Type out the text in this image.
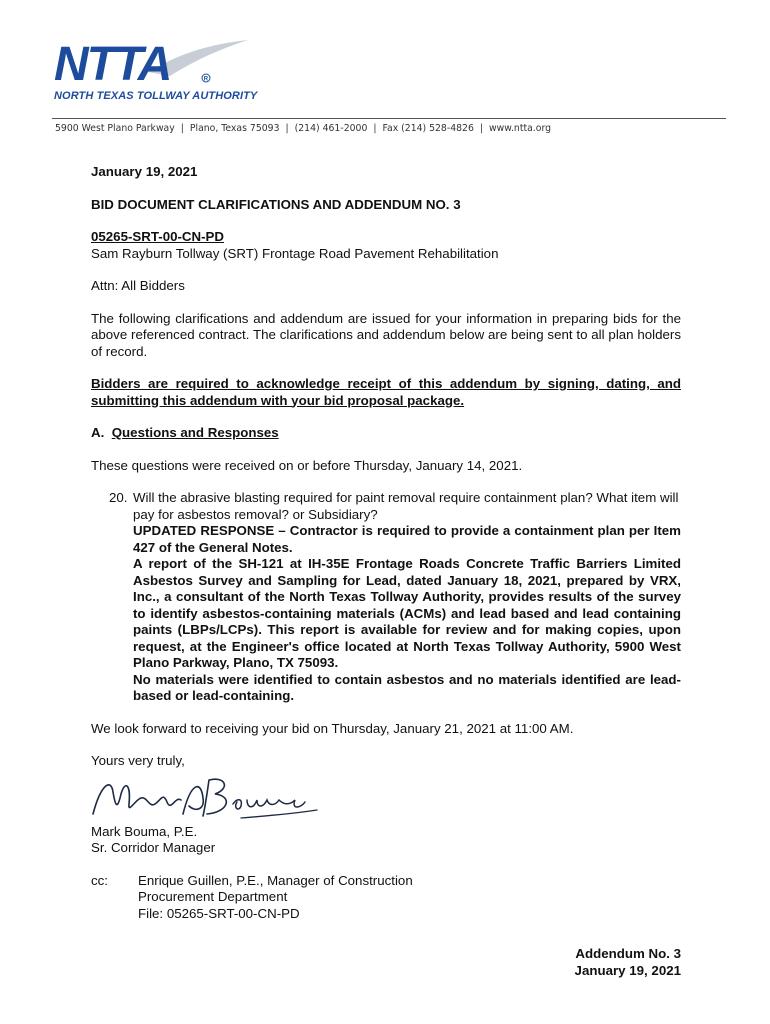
NTTA	R
NORTH TEXAS TOLLWAY AUTHORITY
5900 West Plano Parkway | Plano, Texas 75093 | (214) 461-2000 | Fax (214) 528-4826 | www.ntta.org

January 19, 2021

BID DOCUMENT CLARIFICATIONS AND ADDENDUM NO. 3

05265-SRT-00-CN-PD

Sam Rayburn Tollway (SRT) Frontage Road Pavement Rehabilitation

Attn: All Bidders

The following clarifications and addendum are issued for your information in preparing bids for the above referenced contract. The clarifications and addendum below are being sent to all plan holders of record.

Bidders are required to acknowledge receipt of this addendum by signing, dating, and submitting this addendum with your bid proposal package.

A. Questions and Responses

These questions were received on or before Thursday, January 14, 2021.

20. Will the abrasive blasting required for paint removal require containment plan? What item will pay for asbestos removal? or Subsidiary?

UPDATED RESPONSE – Contractor is required to provide a containment plan per Item 427 of the General Notes.

A report of the SH-121 at IH-35E Frontage Roads Concrete Traffic Barriers Limited Asbestos Survey and Sampling for Lead, dated January 18, 2021, prepared by VRX, Inc., a consultant of the North Texas Tollway Authority, provides results of the survey to identify asbestos-containing materials (ACMs) and lead based and lead containing paints (LBPs/LCPs). This report is available for review and for making copies, upon request, at the Engineer's office located at North Texas Tollway Authority, 5900 West Plano Parkway, Plano, TX 75093.

No materials were identified to contain asbestos and no materials identified are lead-based or lead-containing.

We look forward to receiving your bid on Thursday, January 21, 2021 at 11:00 AM.

Yours very truly,

Mark Bouma, P.E.

Sr. Corridor Manager

cc:	Enrique Guillen, P.E., Manager of Construction

Procurement Department

File: 05265-SRT-00-CN-PD

Addendum No. 3

January 19, 2021
